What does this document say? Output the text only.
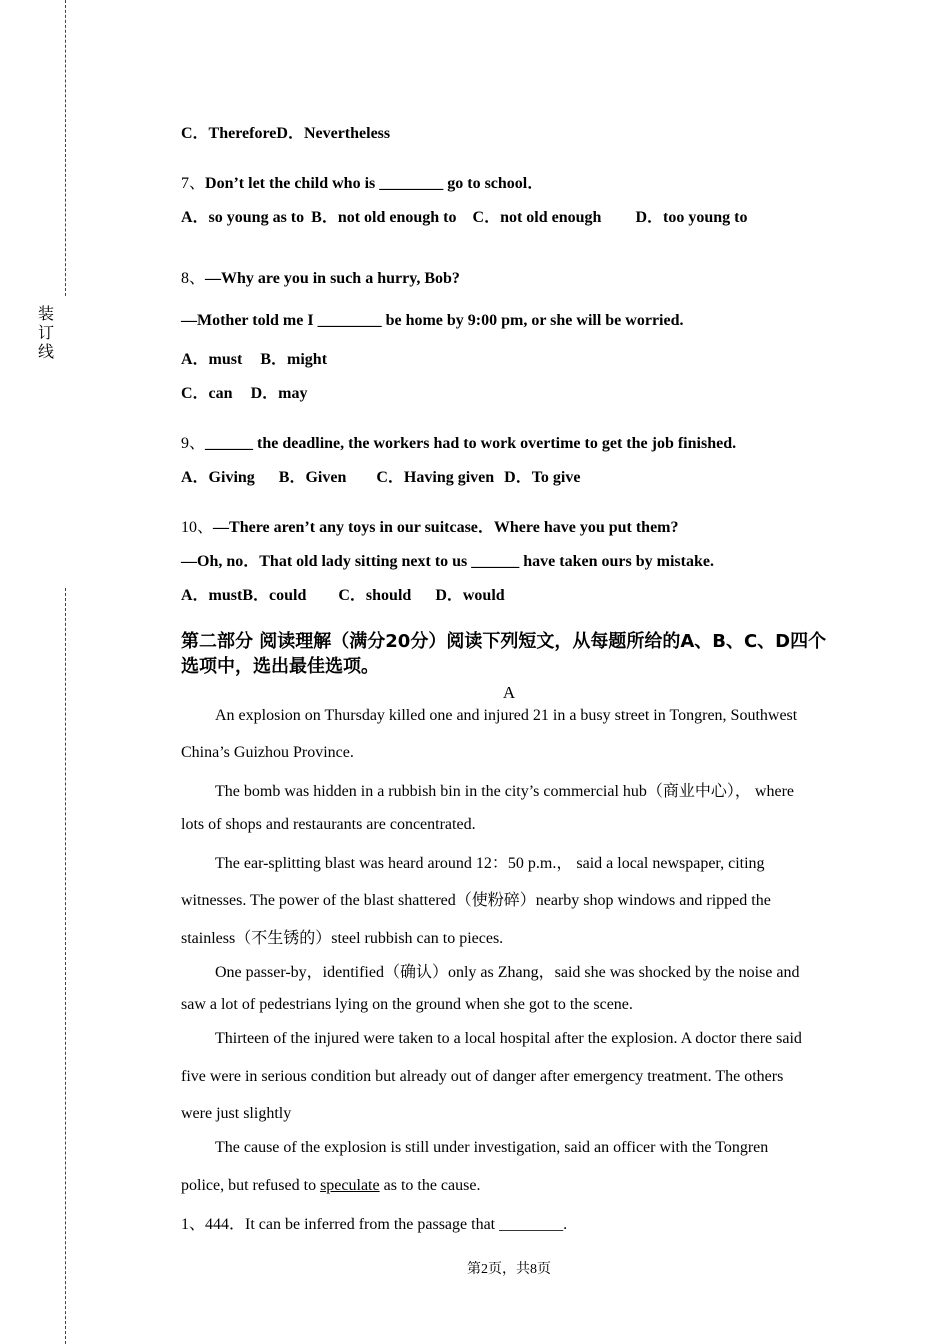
装
订
线
C．ThereforeD．Nevertheless
7、Don’t let the child who is ________ go to school．
A．so young as to B．not old enough to C．not old enough D．too young to
8、—Why are you in such a hurry, Bob?
—Mother told me I ________ be home by 9:00 pm, or she will be worried.
A．must B．might
C．can D．may
9、______ the deadline, the workers had to work overtime to get the job finished.
A．Giving B．Given C．Having given D．To give
10、—There aren’t any toys in our suitcase．Where have you put them?
—Oh, no．That old lady sitting next to us ______ have taken ours by mistake.
A．mustB．could C．should D．would
第二部分 阅读理解（满分20分）阅读下列短文，从每题所给的A、B、C、D四个
选项中，选出最佳选项。
A
An explosion on Thursday killed one and injured 21 in a busy street in Tongren, Southwest
China’s Guizhou Province.
The bomb was hidden in a rubbish bin in the city’s commercial hub（商业中心）， where
lots of shops and restaurants are concentrated.
The ear-splitting blast was heard around 12：50 p.m.， said a local newspaper, citing
witnesses. The power of the blast shattered（使粉碎）nearby shop windows and ripped the
stainless（不生锈的）steel rubbish can to pieces.
One passer-by，identified（确认）only as Zhang，said she was shocked by the noise and
saw a lot of pedestrians lying on the ground when she got to the scene.
Thirteen of the injured were taken to a local hospital after the explosion. A doctor there said
five were in serious condition but already out of danger after emergency treatment. The others
were just slightly
The cause of the explosion is still under investigation, said an officer with the Tongren
police, but refused to speculate as to the cause.
1、444．It can be inferred from the passage that ________.
第2页，共8页
